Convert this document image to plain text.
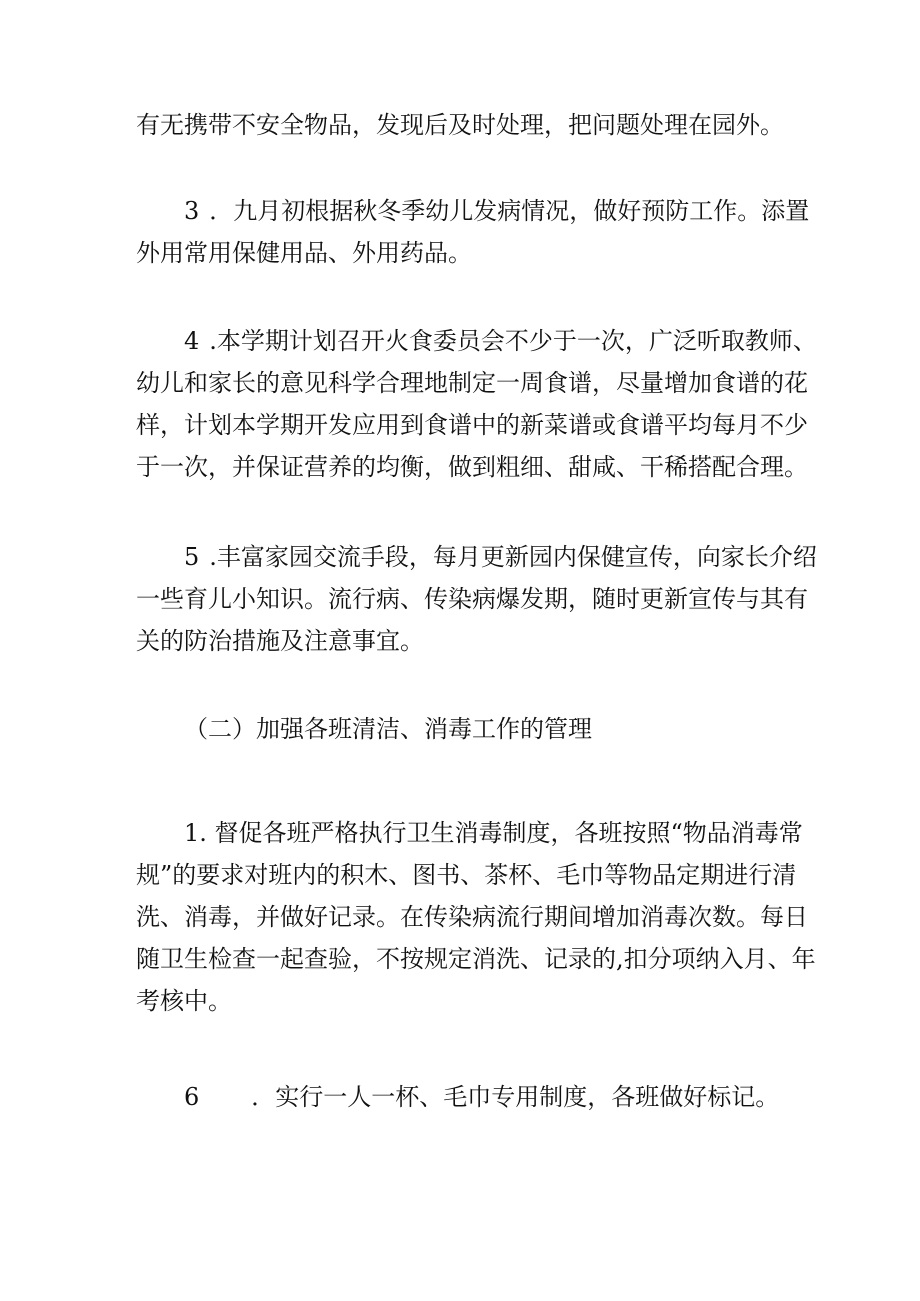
有无携带不安全物品，发现后及时处理，把问题处理在园外。
3 ．九月初根据秋冬季幼儿发病情况，做好预防工作。添置
外用常用保健用品、外用药品。
4 .本学期计划召开火食委员会不少于一次，广泛听取教师、
幼儿和家长的意见科学合理地制定一周食谱，尽量增加食谱的花
样，计划本学期开发应用到食谱中的新菜谱或食谱平均每月不少
于一次，并保证营养的均衡，做到粗细、甜咸、干稀搭配合理。
5 .丰富家园交流手段，每月更新园内保健宣传，向家长介绍
一些育儿小知识。流行病、传染病爆发期，随时更新宣传与其有
关的防治措施及注意事宜。
（二）加强各班清洁、消毒工作的管理
1. 督促各班严格执行卫生消毒制度，各班按照“物品消毒常
规”的要求对班内的积木、图书、茶杯、毛巾等物品定期进行清
洗、消毒，并做好记录。在传染病流行期间增加消毒次数。每日
随卫生检查一起查验，不按规定消洗、记录的,扣分项纳入月、年
考核中。
6 ．实行一人一杯、毛巾专用制度，各班做好标记。
